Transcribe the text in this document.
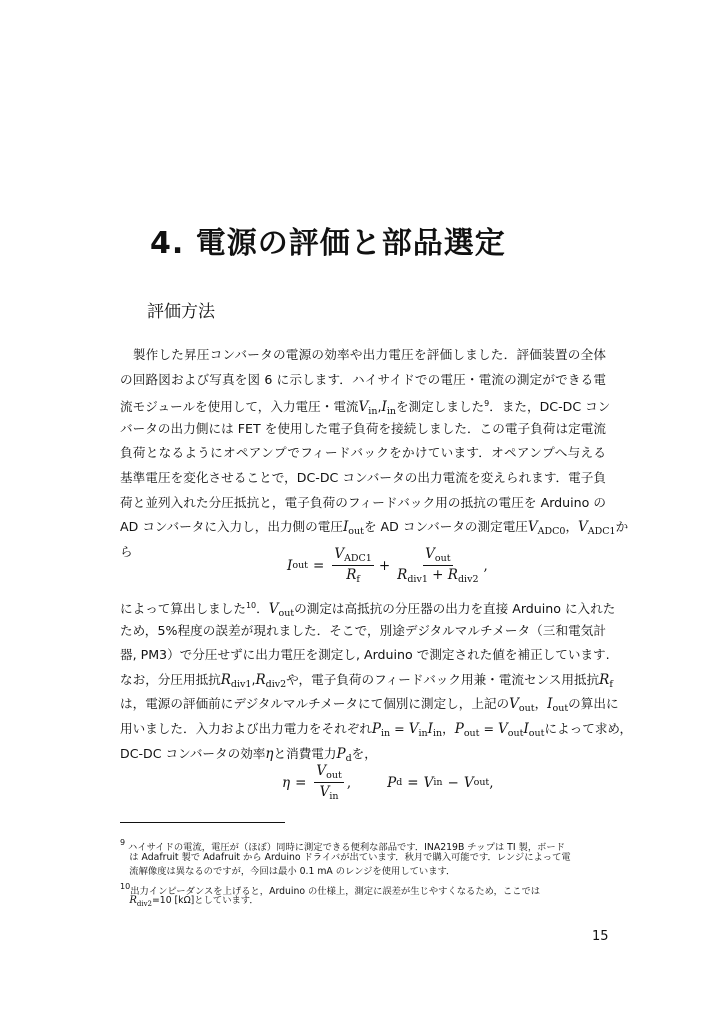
4. 電源の評価と部品選定
評価方法
　製作した昇圧コンバータの電源の効率や出力電圧を評価しました．評価装置の全体
の回路図および写真を図 6 に示します．ハイサイドでの電圧・電流の測定ができる電
流モジュールを使用して，入力電圧・電流$V_{in},I_{in}$を測定しました$^9$．また，DC-DC コン
バータの出力側には FET を使用した電子負荷を接続しました．この電子負荷は定電流
負荷となるようにオペアンプでフィードバックをかけています．オペアンプへ与える
基準電圧を変化させることで，DC-DC コンバータの出力電流を変えられます．電子負
荷と並列入れた分圧抵抗と，電子負荷のフィードバック用の抵抗の電圧を Arduino の
AD コンバータに入力し，出力側の電圧$I_{out}$を AD コンバータの測定電圧$V_{ADC0}$，$V_{ADC1}$か
ら
I out = $\frac{V_{ADC1}}{R_f} + \frac{V_{out}}{R_{div1} + R_{div2}}$ ,
によって算出しました$^{10}$．$V_{out}$の測定は高抵抗の分圧器の出力を直接 Arduino に入れた
ため，5%程度の誤差が現れました．そこで，別途デジタルマルチメータ（三和電気計
器, PM3）で分圧せずに出力電圧を測定し, Arduino で測定された値を補正しています.
なお，分圧用抵抗$R_{div1},R_{div2}$や，電子負荷のフィードバック用兼・電流センス用抵抗$R_f$
は，電源の評価前にデジタルマルチメータにて個別に測定し，上記の$V_{out}$，$I_{out}$の算出に
用いました．入力および出力電力をそれぞれ$P_{in} = V_{in}I_{in}$，$P_{out} = V_{out}I_{out}$によって求め，
DC-DC コンバータの効率ηと消費電力$P_d$を，
$\eta = \frac{V_{out}}{V_{in}}$ ,	P d = V in − V out ,
9 ハイサイドの電流，電圧が（ほぼ）同時に測定できる便利な部品です．INA219B チップは TI 製，ボード
　は Adafruit 製で Adafruit から Arduino ドライバが出ています．秋月で購入可能です．レンジによって電
　流解像度は異なるのですが，今回は最小 0.1 mA のレンジを使用しています．
10出力インピーダンスを上げると，Arduino の仕様上，測定に誤差が生じやすくなるため，ここでは
　$R_{div2}=10$ [kΩ]としています．
15
